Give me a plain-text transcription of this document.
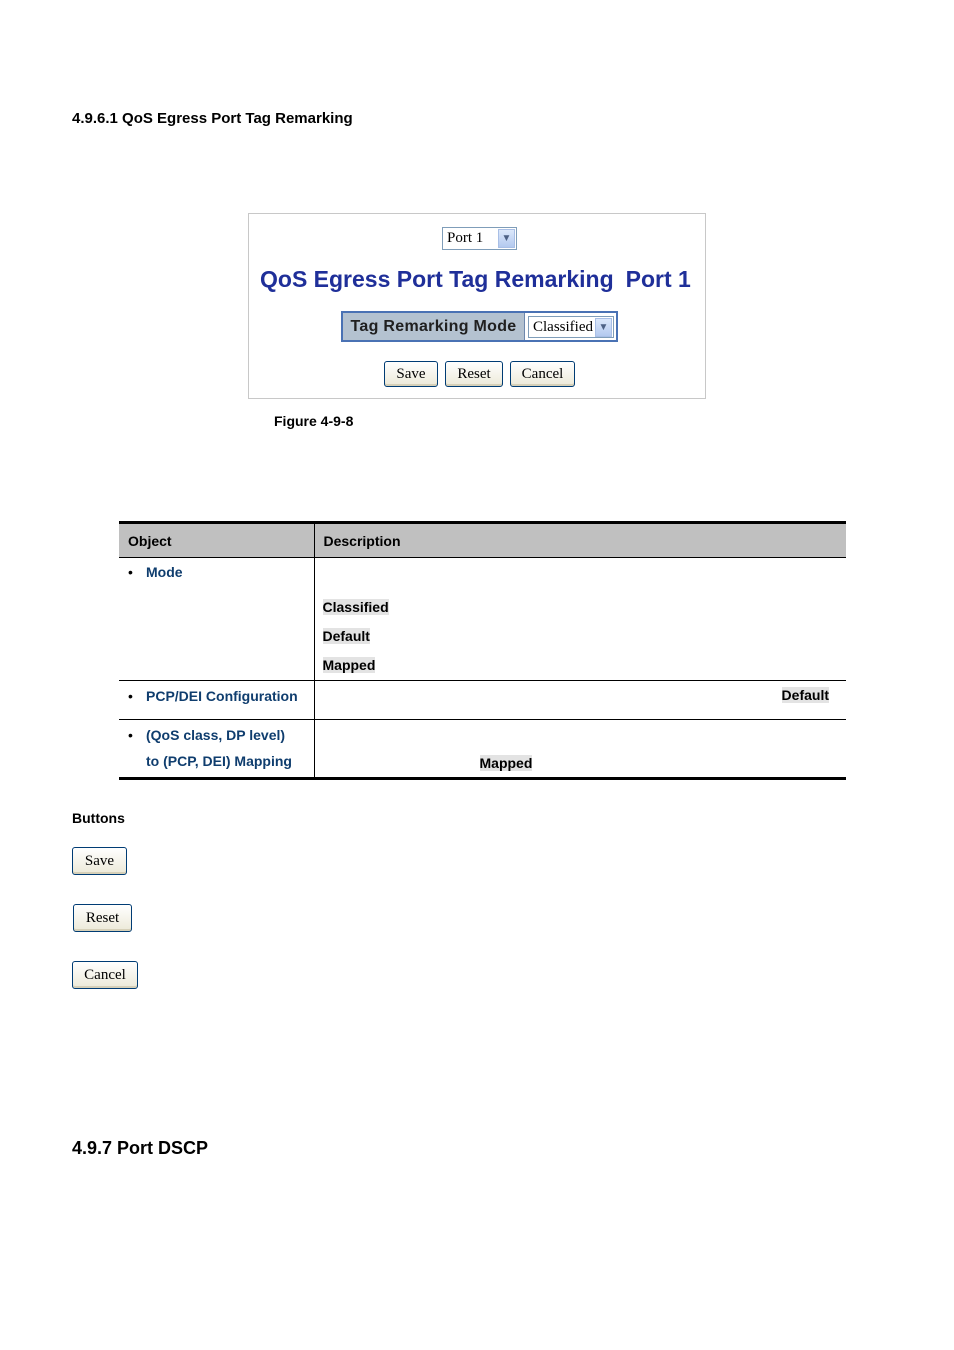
4.9.6.1 QoS Egress Port Tag Remarking
Port 1	▼
QoS Egress Port Tag Remarking Port 1
Tag Remarking Mode	Classified ▼
Save	Reset	Cancel
Figure 4-9-8
Object	Description

• Mode	Classified
Default
Mapped

• PCP/DEI Configuration	Default

• (QoS class, DP level)
to (PCP, DEI) Mapping	Mapped
Buttons
Save
Reset
Cancel
4.9.7 Port DSCP
